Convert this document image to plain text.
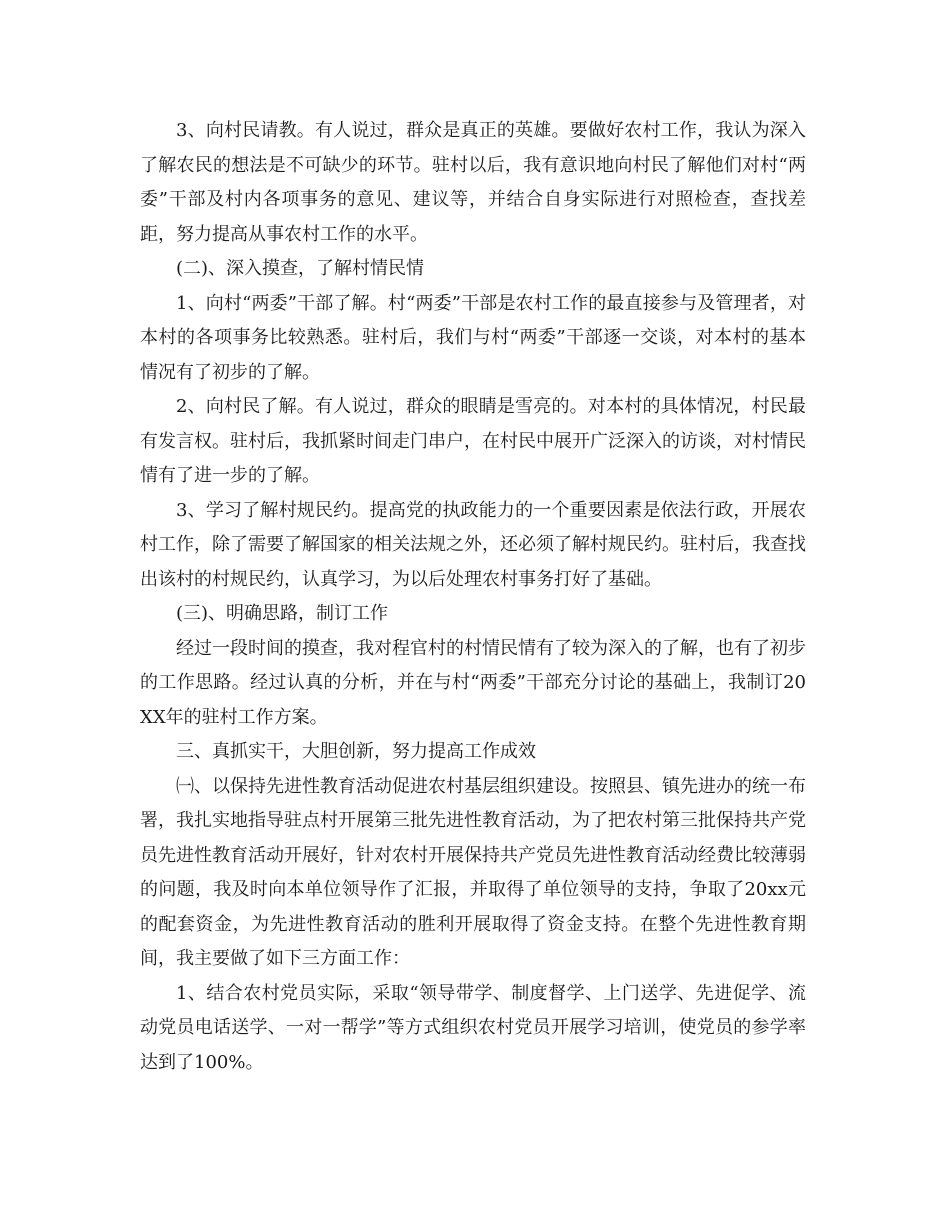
3、向村民请教。有人说过，群众是真正的英雄。要做好农村工作，我认为深入了解农民的想法是不可缺少的环节。驻村以后，我有意识地向村民了解他们对村“两委”干部及村内各项事务的意见、建议等，并结合自身实际进行对照检查，查找差距，努力提高从事农村工作的水平。

(二)、深入摸查，了解村情民情

1、向村“两委”干部了解。村“两委”干部是农村工作的最直接参与及管理者，对本村的各项事务比较熟悉。驻村后，我们与村“两委”干部逐一交谈，对本村的基本情况有了初步的了解。

2、向村民了解。有人说过，群众的眼睛是雪亮的。对本村的具体情况，村民最有发言权。驻村后，我抓紧时间走门串户，在村民中展开广泛深入的访谈，对村情民情有了进一步的了解。

3、学习了解村规民约。提高党的执政能力的一个重要因素是依法行政，开展农村工作，除了需要了解国家的相关法规之外，还必须了解村规民约。驻村后，我查找出该村的村规民约，认真学习，为以后处理农村事务打好了基础。

(三)、明确思路，制订工作

经过一段时间的摸查，我对程官村的村情民情有了较为深入的了解，也有了初步的工作思路。经过认真的分析，并在与村“两委”干部充分讨论的基础上，我制订20XX年的驻村工作方案。

三、真抓实干，大胆创新，努力提高工作成效

㈠、以保持先进性教育活动促进农村基层组织建设。按照县、镇先进办的统一布署，我扎实地指导驻点村开展第三批先进性教育活动，为了把农村第三批保持共产党员先进性教育活动开展好，针对农村开展保持共产党员先进性教育活动经费比较薄弱的问题，我及时向本单位领导作了汇报，并取得了单位领导的支持，争取了20xx元的配套资金，为先进性教育活动的胜利开展取得了资金支持。在整个先进性教育期间，我主要做了如下三方面工作：

1、结合农村党员实际，采取“领导带学、制度督学、上门送学、先进促学、流动党员电话送学、一对一帮学”等方式组织农村党员开展学习培训，使党员的参学率达到了100%。
